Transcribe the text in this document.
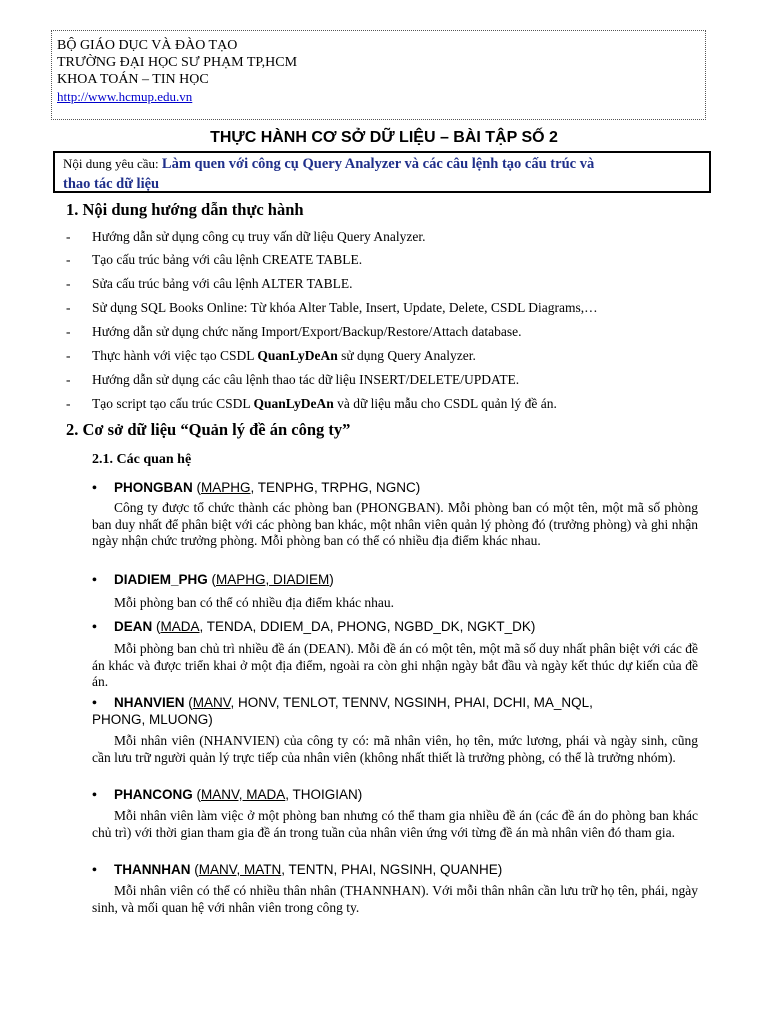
BỘ GIÁO DỤC VÀ ĐÀO TẠO
TRƯỜNG ĐẠI HỌC SƯ PHẠM TP,HCM
KHOA TOÁN – TIN HỌC
http://www.hcmup.edu.vn
THỰC HÀNH CƠ SỞ DỮ LIỆU – BÀI TẬP SỐ 2
Nội dung yêu cầu: Làm quen với công cụ Query Analyzer và các câu lệnh tạo cấu trúc và
thao tác dữ liệu
1. Nội dung hướng dẫn thực hành
- Hướng dẫn sử dụng công cụ truy vấn dữ liệu Query Analyzer.
- Tạo cấu trúc bảng với câu lệnh CREATE TABLE.
- Sửa cấu trúc bảng với câu lệnh ALTER TABLE.
- Sử dụng SQL Books Online: Từ khóa Alter Table, Insert, Update, Delete, CSDL Diagrams,…
- Hướng dẫn sử dụng chức năng Import/Export/Backup/Restore/Attach database.
- Thực hành với việc tạo CSDL QuanLyDeAn sử dụng Query Analyzer.
- Hướng dẫn sử dụng các câu lệnh thao tác dữ liệu INSERT/DELETE/UPDATE.
- Tạo script tạo cấu trúc CSDL QuanLyDeAn và dữ liệu mẫu cho CSDL quản lý đề án.
2. Cơ sở dữ liệu “Quản lý đề án công ty”
2.1. Các quan hệ
• PHONGBAN (MAPHG, TENPHG, TRPHG, NGNC)
Công ty được tổ chức thành các phòng ban (PHONGBAN). Mỗi phòng ban có một tên, một mã số phòng ban duy nhất để phân biệt với các phòng ban khác, một nhân viên quản lý phòng đó (trưởng phòng) và ghi nhận ngày nhận chức trưởng phòng. Mỗi phòng ban có thể có nhiều địa điểm khác nhau.
• DIADIEM_PHG (MAPHG, DIADIEM)
Mỗi phòng ban có thể có nhiều địa điểm khác nhau.
• DEAN (MADA, TENDA, DDIEM_DA, PHONG, NGBD_DK, NGKT_DK)
Mỗi phòng ban chủ trì nhiều đề án (DEAN). Mỗi đề án có một tên, một mã số duy nhất phân biệt với các đề án khác và được triển khai ở một địa điểm, ngoài ra còn ghi nhận ngày bắt đầu và ngày kết thúc dự kiến của đề án.
• NHANVIEN (MANV, HONV, TENLOT, TENNV, NGSINH, PHAI, DCHI, MA_NQL,
PHONG, MLUONG)
Mỗi nhân viên (NHANVIEN) của công ty có: mã nhân viên, họ tên, mức lương, phái và ngày sinh, cũng cần lưu trữ người quản lý trực tiếp của nhân viên (không nhất thiết là trưởng phòng, có thể là trưởng nhóm).
• PHANCONG (MANV, MADA, THOIGIAN)
Mỗi nhân viên làm việc ở một phòng ban nhưng có thể tham gia nhiều đề án (các đề án do phòng ban khác chủ trì) với thời gian tham gia đề án trong tuần của nhân viên ứng với từng đề án mà nhân viên đó tham gia.
• THANNHAN (MANV, MATN, TENTN, PHAI, NGSINH, QUANHE)
Mỗi nhân viên có thể có nhiều thân nhân (THANNHAN). Với mỗi thân nhân cần lưu trữ họ tên, phái, ngày sinh, và mối quan hệ với nhân viên trong công ty.
